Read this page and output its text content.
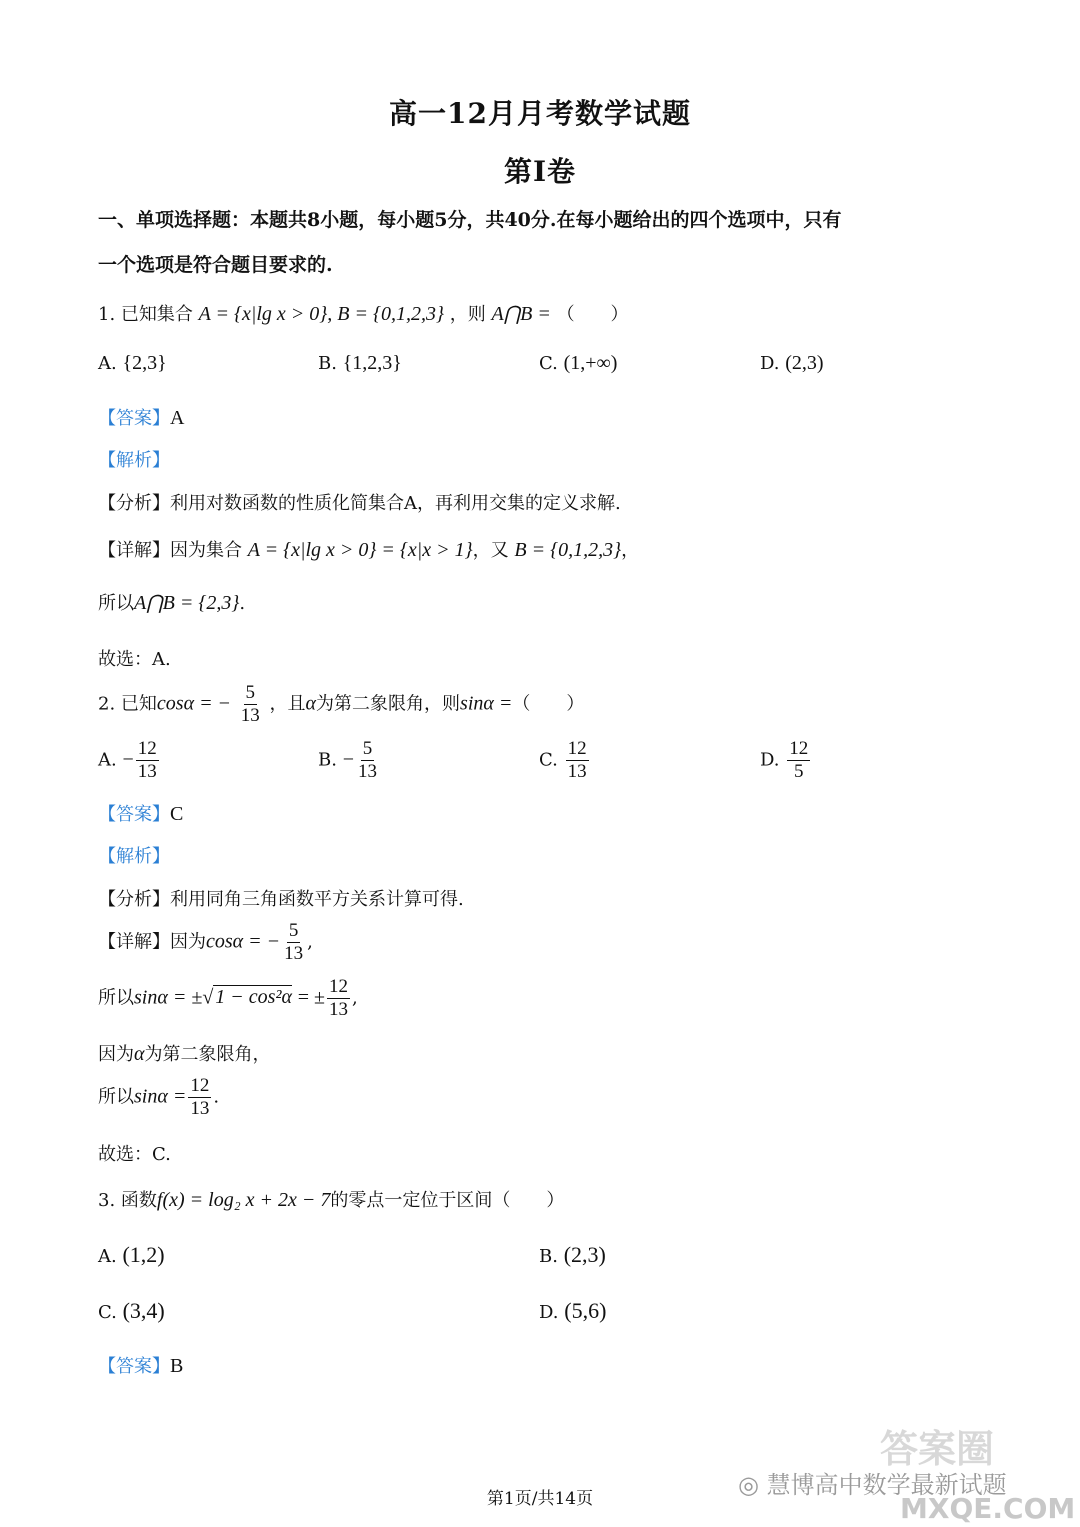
高一12月月考数学试题
第I卷
一、单项选择题：本题共8小题，每小题5分，共40分.在每小题给出的四个选项中，只有
一个选项是符合题目要求的.
1. 已知集合 A = {x|lg x > 0}, B = {0,1,2,3} ，则 A⋂B = （　　）
A. {2,3}	B. {1,2,3}	C. (1,+∞)	D. (2,3)
【答案】A
【解析】
【分析】利用对数函数的性质化简集合A，再利用交集的定义求解.
【详解】因为集合 A = {x|lg x > 0} = {x|x > 1}，又 B = {0,1,2,3}，
所以A⋂B = {2,3}.
故选：A.
2. 已知cosα = − $\frac{5}{13}$ ，且α为第二象限角，则sinα =（　　）
A. − $\frac{12}{13}$	B. − $\frac{5}{13}$	C. $\frac{12}{13}$	D. $\frac{12}{5}$
【答案】C
【解析】
【分析】利用同角三角函数平方关系计算可得.
【详解】因为cosα = − $\frac{5}{13}$ ,
所以sinα = ±√ 1 − cos²α = ± $\frac{12}{13}$ ,
因为α为第二象限角，
所以$\sin\alpha = \frac{12}{13}$ .
故选：C.
3. 函数f(x) = log₂ x + 2x − 7的零点一定位于区间（　　）
A. (1,2)	B. (2,3)
C. (3,4)	D. (5,6)
【答案】B
答案圈
◎ 慧博高中数学最新试题
MXQE.COM
第1页/共14页
